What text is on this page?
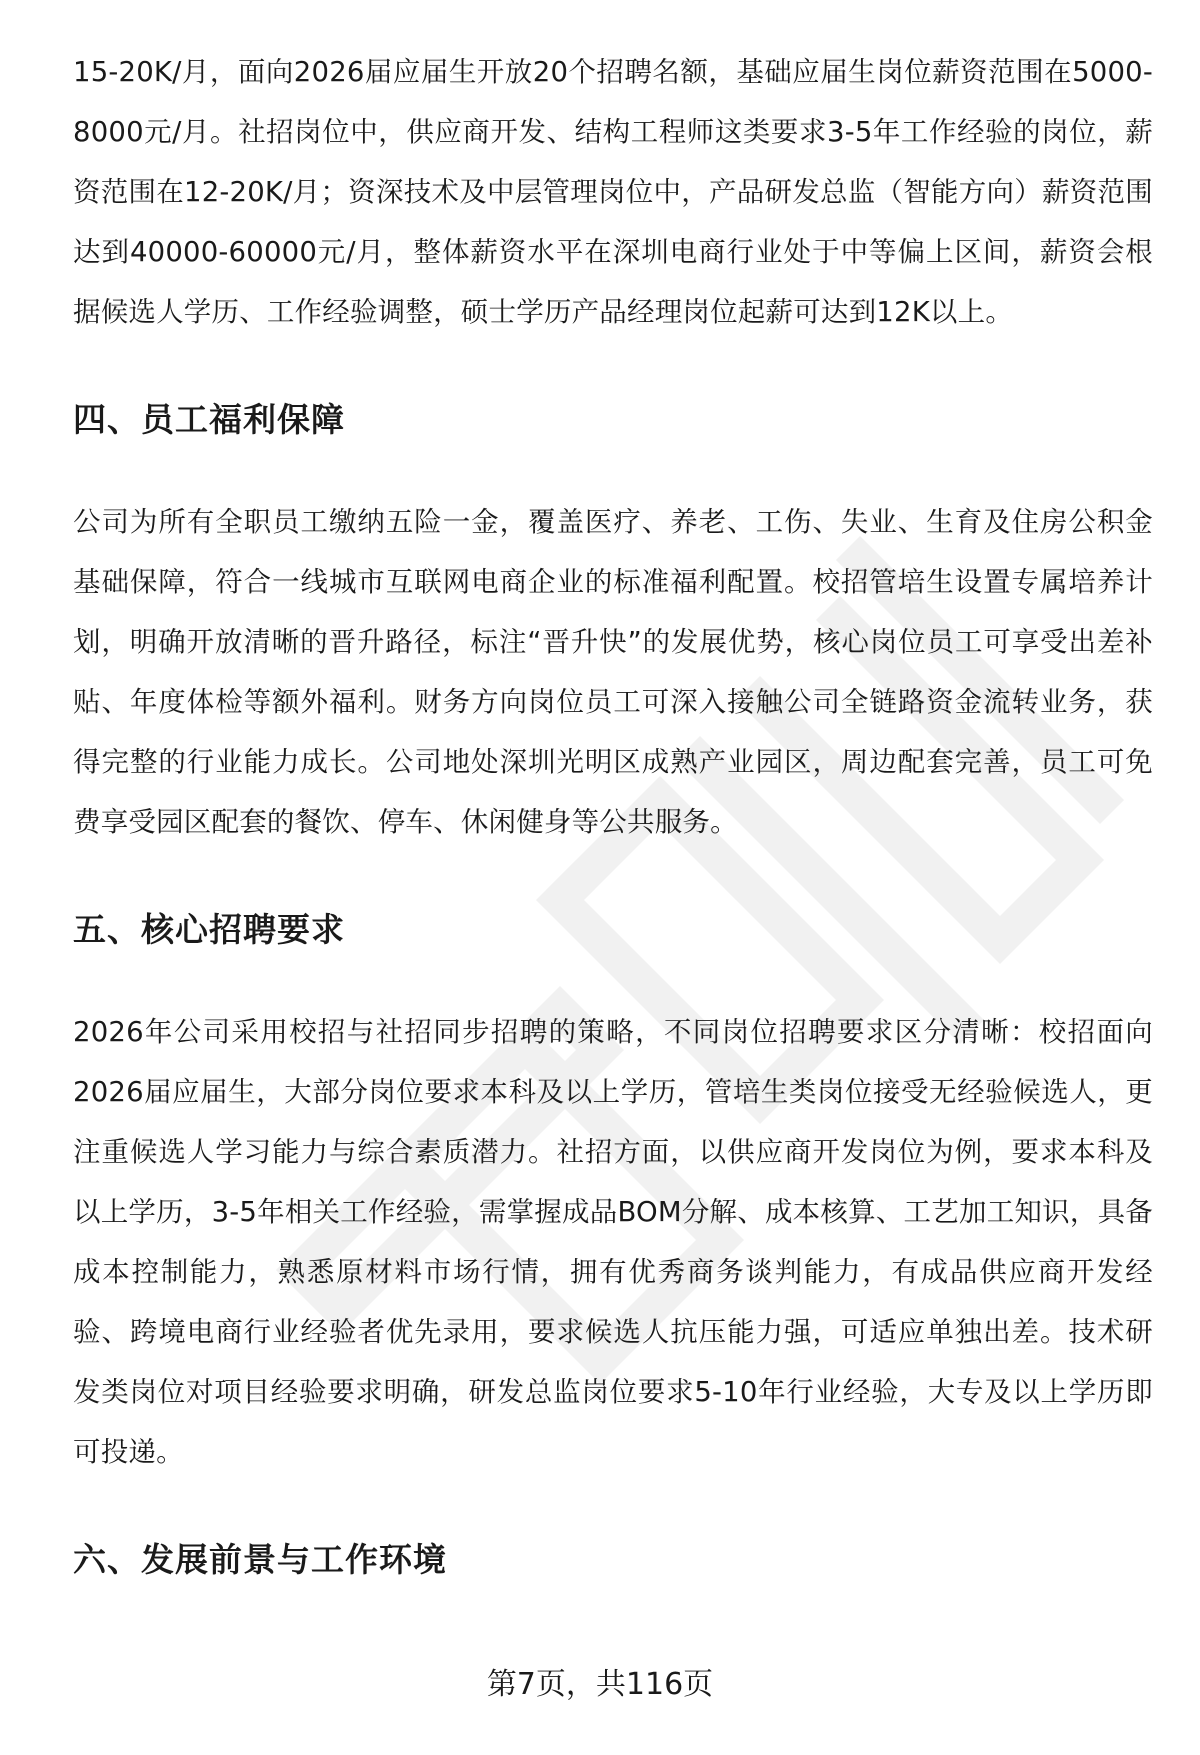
15-20K/月，面向2026届应届生开放20个招聘名额，基础应届生岗位薪资范围在5000-8000元/月。社招岗位中，供应商开发、结构工程师这类要求3-5年工作经验的岗位，薪资范围在12-20K/月；资深技术及中层管理岗位中，产品研发总监（智能方向）薪资范围达到40000-60000元/月，整体薪资水平在深圳电商行业处于中等偏上区间，薪资会根据候选人学历、工作经验调整，硕士学历产品经理岗位起薪可达到12K以上。

四、员工福利保障

公司为所有全职员工缴纳五险一金，覆盖医疗、养老、工伤、失业、生育及住房公积金基础保障，符合一线城市互联网电商企业的标准福利配置。校招管培生设置专属培养计划，明确开放清晰的晋升路径，标注“晋升快”的发展优势，核心岗位员工可享受出差补贴、年度体检等额外福利。财务方向岗位员工可深入接触公司全链路资金流转业务，获得完整的行业能力成长。公司地处深圳光明区成熟产业园区，周边配套完善，员工可免费享受园区配套的餐饮、停车、休闲健身等公共服务。

五、核心招聘要求

2026年公司采用校招与社招同步招聘的策略，不同岗位招聘要求区分清晰：校招面向2026届应届生，大部分岗位要求本科及以上学历，管培生类岗位接受无经验候选人，更注重候选人学习能力与综合素质潜力。社招方面，以供应商开发岗位为例，要求本科及以上学历，3-5年相关工作经验，需掌握成品BOM分解、成本核算、工艺加工知识，具备成本控制能力，熟悉原材料市场行情，拥有优秀商务谈判能力，有成品供应商开发经验、跨境电商行业经验者优先录用，要求候选人抗压能力强，可适应单独出差。技术研发类岗位对项目经验要求明确，研发总监岗位要求5-10年行业经验，大专及以上学历即可投递。

六、发展前景与工作环境
第7页，共116页
